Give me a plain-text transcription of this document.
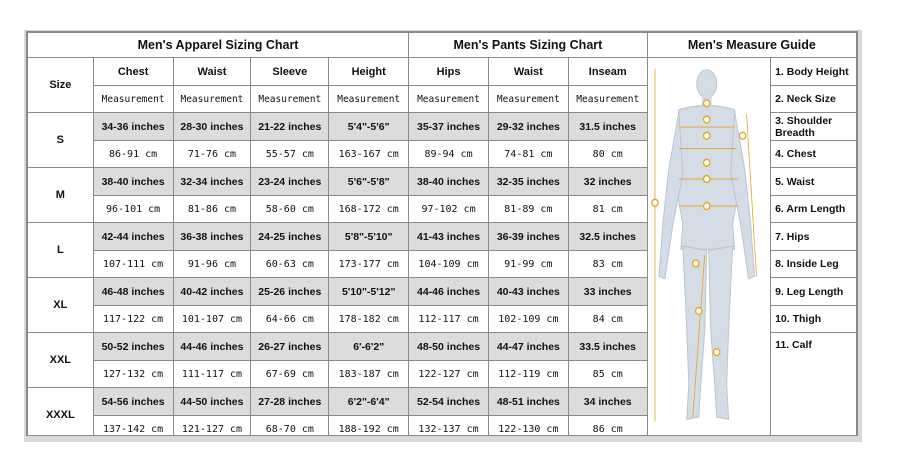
Men's Apparel Sizing Chart					Men's Pants Sizing Chart			Men's Measure Guide	
Size	Chest	Waist	Sleeve	Height	Hips	Waist	Inseam		1. Body Height
	Measurement	Measurement	Measurement	Measurement	Measurement	Measurement	Measurement		2. Neck Size
S	34-36 inches	28-30 inches	21-22 inches	5'4"-5'6"	35-37 inches	29-32 inches	31.5 inches		3. Shoulder Breadth
	86-91 cm	71-76 cm	55-57 cm	163-167 cm	89-94 cm	74-81 cm	80 cm		4. Chest
M	38-40 inches	32-34 inches	23-24 inches	5'6"-5'8"	38-40 inches	32-35 inches	32 inches		5. Waist
	96-101 cm	81-86 cm	58-60 cm	168-172 cm	97-102 cm	81-89 cm	81 cm		6. Arm Length
L	42-44 inches	36-38 inches	24-25 inches	5'8"-5'10"	41-43 inches	36-39 inches	32.5 inches		7. Hips
	107-111 cm	91-96 cm	60-63 cm	173-177 cm	104-109 cm	91-99 cm	83 cm		8. Inside Leg
XL	46-48 inches	40-42 inches	25-26 inches	5'10"-5'12"	44-46 inches	40-43 inches	33 inches		9. Leg Length
	117-122 cm	101-107 cm	64-66 cm	178-182 cm	112-117 cm	102-109 cm	84 cm		10. Thigh
XXL	50-52 inches	44-46 inches	26-27 inches	6'-6'2"	48-50 inches	44-47 inches	33.5 inches		11. Calf
	127-132 cm	111-117 cm	67-69 cm	183-187 cm	122-127 cm	112-119 cm	85 cm		
XXXL	54-56 inches	44-50 inches	27-28 inches	6'2"-6'4"	52-54 inches	48-51 inches	34 inches		
	137-142 cm	121-127 cm	68-70 cm	188-192 cm	132-137 cm	122-130 cm	86 cm		
